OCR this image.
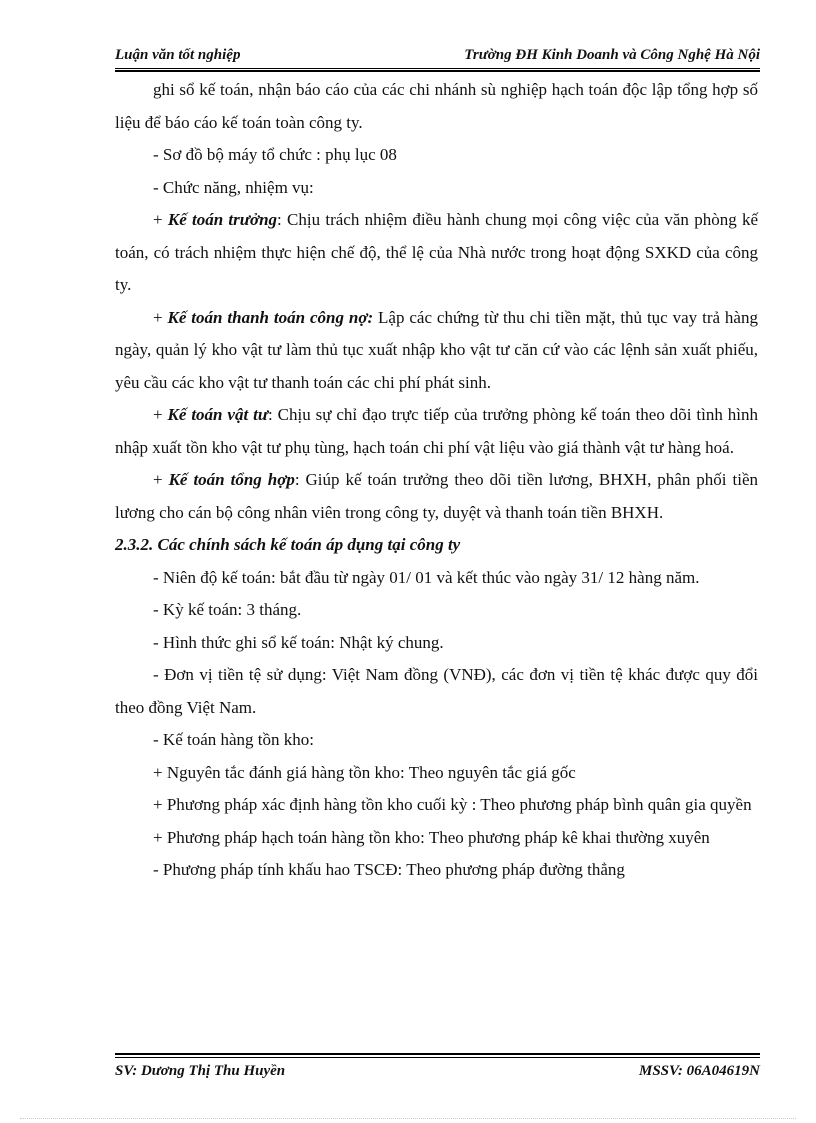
Luận văn tốt nghiệp	Trường ĐH Kinh Doanh và Công Nghệ Hà Nội

ghi sổ kế toán, nhận báo cáo của các chi nhánh sù nghiệp hạch toán độc lập tổng hợp số liệu để báo cáo kế toán toàn công ty.

- Sơ đồ bộ máy tổ chức : phụ lục 08

- Chức năng, nhiệm vụ:

+ Kế toán trưởng: Chịu trách nhiệm điều hành chung mọi công việc của văn phòng kế toán, có trách nhiệm thực hiện chế độ, thể lệ của Nhà nước trong hoạt động SXKD của công ty.

+ Kế toán thanh toán công nợ: Lập các chứng từ thu chi tiền mặt, thủ tục vay trả hàng ngày, quản lý kho vật tư làm thủ tục xuất nhập kho vật tư căn cứ vào các lệnh sản xuất phiếu, yêu cầu các kho vật tư thanh toán các chi phí phát sinh.

+ Kế toán vật tư: Chịu sự chỉ đạo trực tiếp của trưởng phòng kế toán theo dõi tình hình nhập xuất tồn kho vật tư phụ tùng, hạch toán chi phí vật liệu vào giá thành vật tư hàng hoá.

+ Kế toán tổng hợp: Giúp kế toán trưởng theo dõi tiền lương, BHXH, phân phối tiền lương cho cán bộ công nhân viên trong công ty, duyệt và thanh toán tiền BHXH.

2.3.2. Các chính sách kế toán áp dụng tại công ty

- Niên độ kế toán: bắt đầu từ ngày 01/ 01 và kết thúc vào ngày 31/ 12 hàng năm.

- Kỳ kế toán: 3 tháng.

- Hình thức ghi sổ kế toán: Nhật ký chung.

- Đơn vị tiền tệ sử dụng: Việt Nam đồng (VNĐ), các đơn vị tiền tệ khác được quy đổi theo đồng Việt Nam.

- Kế toán hàng tồn kho:

+ Nguyên tắc đánh giá hàng tồn kho: Theo nguyên tắc giá gốc

+ Phương pháp xác định hàng tồn kho cuối kỳ : Theo phương pháp bình quân gia quyền

+ Phương pháp hạch toán hàng tồn kho: Theo phương pháp kê khai thường xuyên

- Phương pháp tính khấu hao TSCĐ: Theo phương pháp đường thẳng

SV: Dương Thị Thu Huyền	MSSV: 06A04619N
